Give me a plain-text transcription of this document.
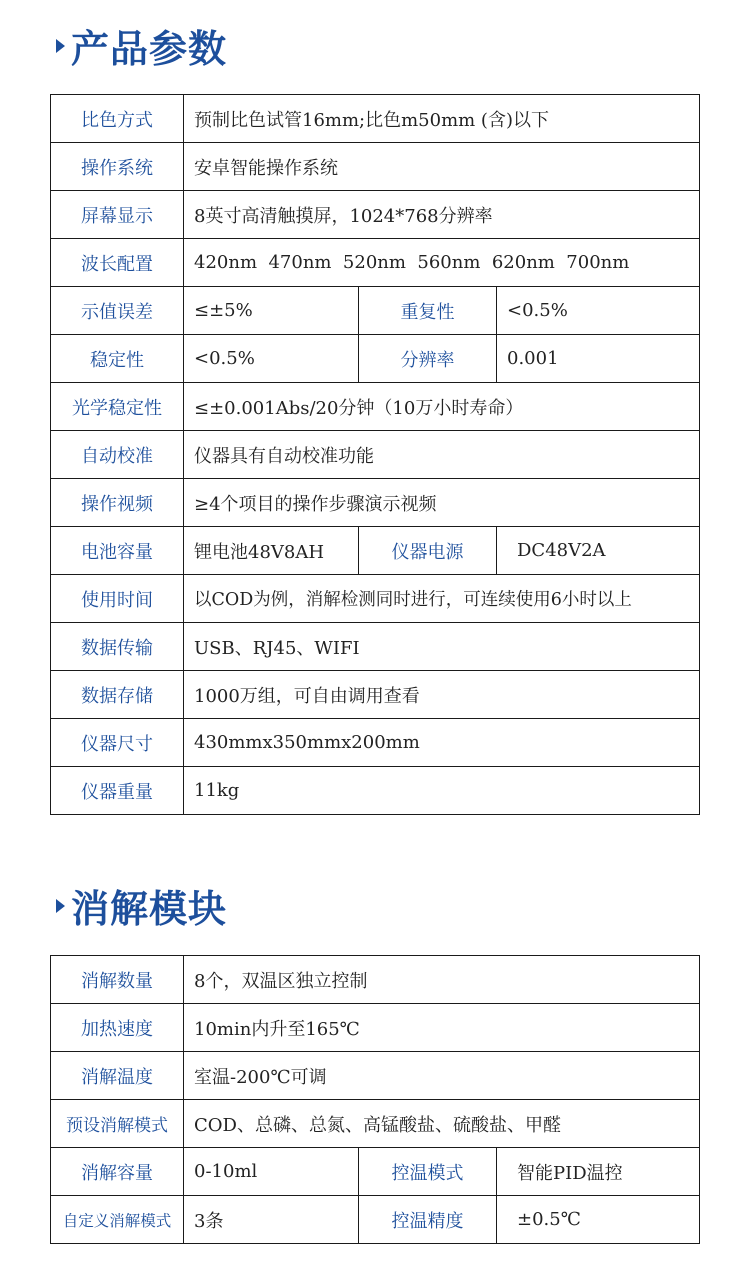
产品参数
比色方式	预制比色试管16mm;比色m50mm (含)以下		
操作系统	安卓智能操作系统		
屏幕显示	8英寸高清触摸屏，1024*768分辨率		
波长配置	420nm  470nm  520nm  560nm  620nm  700nm		
示值误差	≤±5%	重复性	<0.5%
稳定性	<0.5%	分辨率	0.001
光学稳定性	≤±0.001Abs/20分钟（10万小时寿命）		
自动校准	仪器具有自动校准功能		
操作视频	≥4个项目的操作步骤演示视频		
电池容量	锂电池48V8AH	仪器电源	DC48V2A
使用时间	以COD为例，消解检测同时进行，可连续使用6小时以上		
数据传输	USB、RJ45、WIFI		
数据存储	1000万组，可自由调用查看		
仪器尺寸	430mmx350mmx200mm		
仪器重量	11kg		
消解模块
消解数量	8个，双温区独立控制		
加热速度	10min内升至165℃		
消解温度	室温-200℃可调		
预设消解模式	COD、总磷、总氮、高锰酸盐、硫酸盐、甲醛		
消解容量	0-10ml	控温模式	智能PID温控
自定义消解模式	3条	控温精度	±0.5℃
